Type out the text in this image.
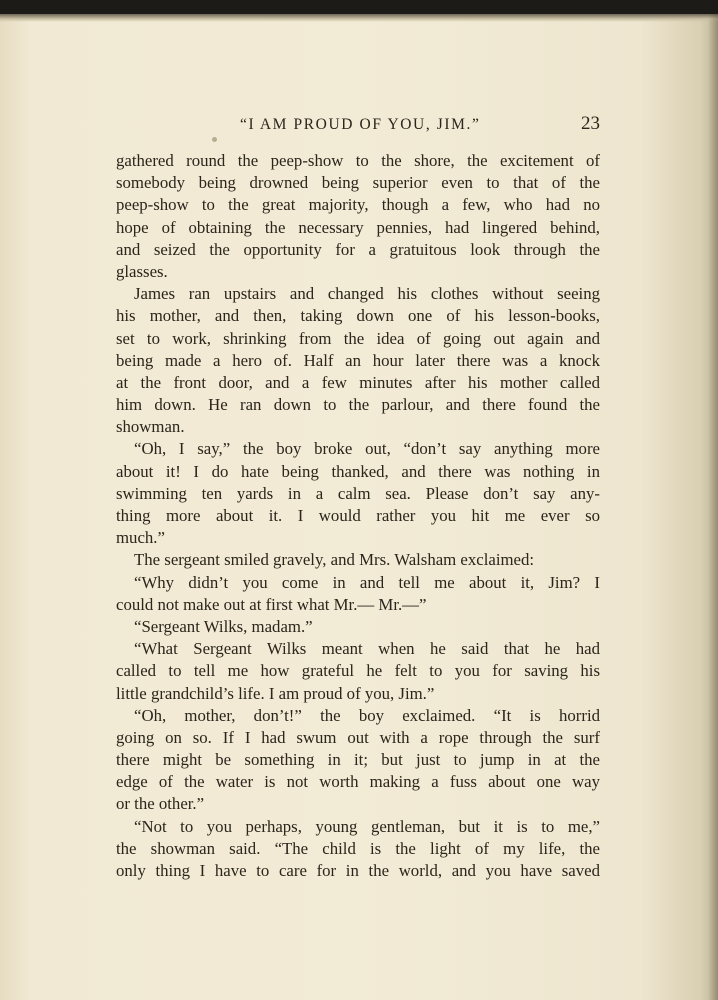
“I AM PROUD OF YOU, JIM.”	23
gathered round the peep-show to the shore, the excitement of
somebody being drowned being superior even to that of the
peep-show to the great majority, though a few, who had no
hope of obtaining the necessary pennies, had lingered behind,
and seized the opportunity for a gratuitous look through the
glasses.
James ran upstairs and changed his clothes without seeing
his mother, and then, taking down one of his lesson-books,
set to work, shrinking from the idea of going out again and
being made a hero of. Half an hour later there was a knock
at the front door, and a few minutes after his mother called
him down. He ran down to the parlour, and there found the
showman.
“Oh, I say,” the boy broke out, “don’t say anything more
about it! I do hate being thanked, and there was nothing in
swimming ten yards in a calm sea. Please don’t say any-
thing more about it. I would rather you hit me ever so
much.”
The sergeant smiled gravely, and Mrs. Walsham exclaimed:
“Why didn’t you come in and tell me about it, Jim? I
could not make out at first what Mr.— Mr.—”
“Sergeant Wilks, madam.”
“What Sergeant Wilks meant when he said that he had
called to tell me how grateful he felt to you for saving his
little grandchild’s life. I am proud of you, Jim.”
“Oh, mother, don’t!” the boy exclaimed. “It is horrid
going on so. If I had swum out with a rope through the surf
there might be something in it; but just to jump in at the
edge of the water is not worth making a fuss about one way
or the other.”
“Not to you perhaps, young gentleman, but it is to me,”
the showman said. “The child is the light of my life, the
only thing I have to care for in the world, and you have saved
